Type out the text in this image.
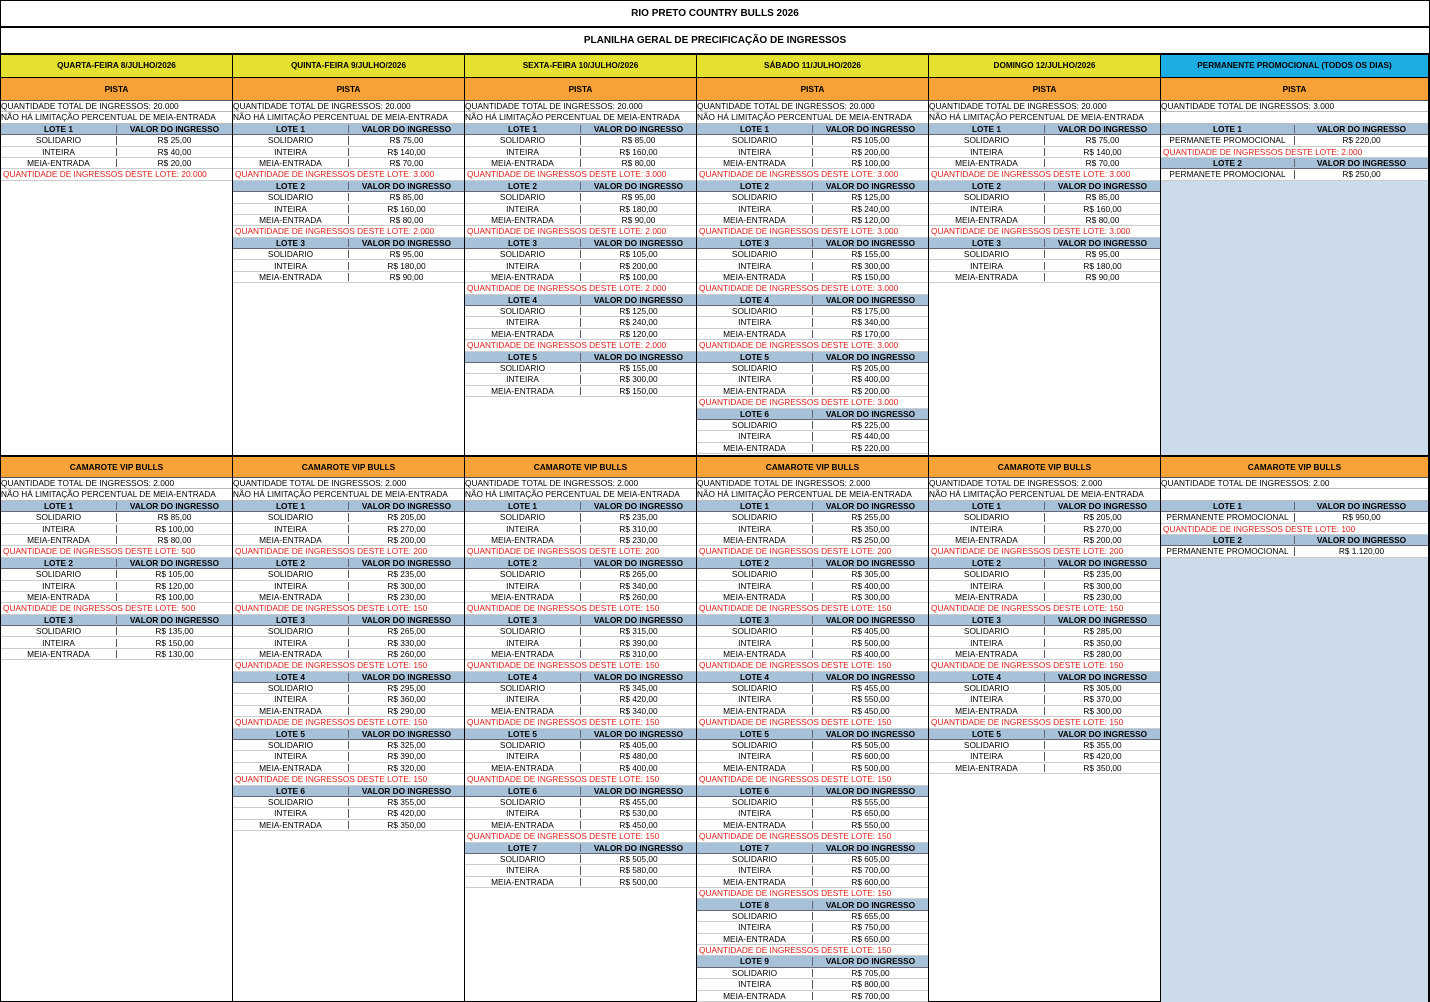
RIO PRETO COUNTRY BULLS 2026
PLANILHA GERAL DE PRECIFICAÇÃO DE INGRESSOS
QUARTA-FEIRA 8/JULHO/2026
PISTA
QUANTIDADE TOTAL DE INGRESSOS: 20.000
NÃO HÁ LIMITAÇÃO PERCENTUAL DE MEIA-ENTRADA
LOTE 1	VALOR DO INGRESSO
SOLIDARIO	R$ 25,00
INTEIRA	R$ 40,00
MEIA-ENTRADA	R$ 20,00
QUANTIDADE DE INGRESSOS DESTE LOTE: 20.000
CAMAROTE VIP BULLS
QUANTIDADE TOTAL DE INGRESSOS: 2.000
NÃO HÁ LIMITAÇÃO PERCENTUAL DE MEIA-ENTRADA
LOTE 1	VALOR DO INGRESSO
SOLIDARIO	R$ 85,00
INTEIRA	R$ 100,00
MEIA-ENTRADA	R$ 80,00
QUANTIDADE DE INGRESSOS DESTE LOTE: 500
LOTE 2	VALOR DO INGRESSO
SOLIDARIO	R$ 105,00
INTEIRA	R$ 120,00
MEIA-ENTRADA	R$ 100,00
QUANTIDADE DE INGRESSOS DESTE LOTE: 500
LOTE 3	VALOR DO INGRESSO
SOLIDARIO	R$ 135,00
INTEIRA	R$ 150,00
MEIA-ENTRADA	R$ 130,00
QUINTA-FEIRA 9/JULHO/2026
PISTA
QUANTIDADE TOTAL DE INGRESSOS: 20.000
NÃO HÁ LIMITAÇÃO PERCENTUAL DE MEIA-ENTRADA
LOTE 1	VALOR DO INGRESSO
SOLIDARIO	R$ 75,00
INTEIRA	R$ 140,00
MEIA-ENTRADA	R$ 70,00
QUANTIDADE DE INGRESSOS DESTE LOTE: 3.000
LOTE 2	VALOR DO INGRESSO
SOLIDARIO	R$ 85,00
INTEIRA	R$ 160,00
MEIA-ENTRADA	R$ 80,00
QUANTIDADE DE INGRESSOS DESTE LOTE: 2.000
LOTE 3	VALOR DO INGRESSO
SOLIDARIO	R$ 95,00
INTEIRA	R$ 180,00
MEIA-ENTRADA	R$ 90,00
CAMAROTE VIP BULLS
QUANTIDADE TOTAL DE INGRESSOS: 2.000
NÃO HÁ LIMITAÇÃO PERCENTUAL DE MEIA-ENTRADA
LOTE 1	VALOR DO INGRESSO
SOLIDARIO	R$ 205,00
INTEIRA	R$ 270,00
MEIA-ENTRADA	R$ 200,00
QUANTIDADE DE INGRESSOS DESTE LOTE: 200
LOTE 2	VALOR DO INGRESSO
SOLIDARIO	R$ 235,00
INTEIRA	R$ 300,00
MEIA-ENTRADA	R$ 230,00
QUANTIDADE DE INGRESSOS DESTE LOTE: 150
LOTE 3	VALOR DO INGRESSO
SOLIDARIO	R$ 265,00
INTEIRA	R$ 330,00
MEIA-ENTRADA	R$ 260,00
QUANTIDADE DE INGRESSOS DESTE LOTE: 150
LOTE 4	VALOR DO INGRESSO
SOLIDARIO	R$ 295,00
INTEIRA	R$ 360,00
MEIA-ENTRADA	R$ 290,00
QUANTIDADE DE INGRESSOS DESTE LOTE: 150
LOTE 5	VALOR DO INGRESSO
SOLIDARIO	R$ 325,00
INTEIRA	R$ 390,00
MEIA-ENTRADA	R$ 320,00
QUANTIDADE DE INGRESSOS DESTE LOTE: 150
LOTE 6	VALOR DO INGRESSO
SOLIDARIO	R$ 355,00
INTEIRA	R$ 420,00
MEIA-ENTRADA	R$ 350,00
SEXTA-FEIRA 10/JULHO/2026
PISTA
QUANTIDADE TOTAL DE INGRESSOS: 20.000
NÃO HÁ LIMITAÇÃO PERCENTUAL DE MEIA-ENTRADA
LOTE 1	VALOR DO INGRESSO
SOLIDARIO	R$ 85,00
INTEIRA	R$ 160,00
MEIA-ENTRADA	R$ 80,00
QUANTIDADE DE INGRESSOS DESTE LOTE: 3.000
LOTE 2	VALOR DO INGRESSO
SOLIDARIO	R$ 95,00
INTEIRA	R$ 180,00
MEIA-ENTRADA	R$ 90,00
QUANTIDADE DE INGRESSOS DESTE LOTE: 2.000
LOTE 3	VALOR DO INGRESSO
SOLIDARIO	R$ 105,00
INTEIRA	R$ 200,00
MEIA-ENTRADA	R$ 100,00
QUANTIDADE DE INGRESSOS DESTE LOTE: 2.000
LOTE 4	VALOR DO INGRESSO
SOLIDARIO	R$ 125,00
INTEIRA	R$ 240,00
MEIA-ENTRADA	R$ 120,00
QUANTIDADE DE INGRESSOS DESTE LOTE: 2.000
LOTE 5	VALOR DO INGRESSO
SOLIDARIO	R$ 155,00
INTEIRA	R$ 300,00
MEIA-ENTRADA	R$ 150,00
CAMAROTE VIP BULLS
QUANTIDADE TOTAL DE INGRESSOS: 2.000
NÃO HÁ LIMITAÇÃO PERCENTUAL DE MEIA-ENTRADA
LOTE 1	VALOR DO INGRESSO
SOLIDARIO	R$ 235,00
INTEIRA	R$ 310,00
MEIA-ENTRADA	R$ 230,00
QUANTIDADE DE INGRESSOS DESTE LOTE: 200
LOTE 2	VALOR DO INGRESSO
SOLIDARIO	R$ 265,00
INTEIRA	R$ 340,00
MEIA-ENTRADA	R$ 260,00
QUANTIDADE DE INGRESSOS DESTE LOTE: 150
LOTE 3	VALOR DO INGRESSO
SOLIDARIO	R$ 315,00
INTEIRA	R$ 390,00
MEIA-ENTRADA	R$ 310,00
QUANTIDADE DE INGRESSOS DESTE LOTE: 150
LOTE 4	VALOR DO INGRESSO
SOLIDARIO	R$ 345,00
INTEIRA	R$ 420,00
MEIA-ENTRADA	R$ 340,00
QUANTIDADE DE INGRESSOS DESTE LOTE: 150
LOTE 5	VALOR DO INGRESSO
SOLIDARIO	R$ 405,00
INTEIRA	R$ 480,00
MEIA-ENTRADA	R$ 400,00
QUANTIDADE DE INGRESSOS DESTE LOTE: 150
LOTE 6	VALOR DO INGRESSO
SOLIDARIO	R$ 455,00
INTEIRA	R$ 530,00
MEIA-ENTRADA	R$ 450,00
QUANTIDADE DE INGRESSOS DESTE LOTE: 150
LOTE 7	VALOR DO INGRESSO
SOLIDARIO	R$ 505,00
INTEIRA	R$ 580,00
MEIA-ENTRADA	R$ 500,00
SÁBADO 11/JULHO/2026
PISTA
QUANTIDADE TOTAL DE INGRESSOS: 20.000
NÃO HÁ LIMITAÇÃO PERCENTUAL DE MEIA-ENTRADA
LOTE 1	VALOR DO INGRESSO
SOLIDARIO	R$ 105,00
INTEIRA	R$ 200,00
MEIA-ENTRADA	R$ 100,00
QUANTIDADE DE INGRESSOS DESTE LOTE: 3.000
LOTE 2	VALOR DO INGRESSO
SOLIDARIO	R$ 125,00
INTEIRA	R$ 240,00
MEIA-ENTRADA	R$ 120,00
QUANTIDADE DE INGRESSOS DESTE LOTE: 3.000
LOTE 3	VALOR DO INGRESSO
SOLIDARIO	R$ 155,00
INTEIRA	R$ 300,00
MEIA-ENTRADA	R$ 150,00
QUANTIDADE DE INGRESSOS DESTE LOTE: 3.000
LOTE 4	VALOR DO INGRESSO
SOLIDARIO	R$ 175,00
INTEIRA	R$ 340,00
MEIA-ENTRADA	R$ 170,00
QUANTIDADE DE INGRESSOS DESTE LOTE: 3.000
LOTE 5	VALOR DO INGRESSO
SOLIDARIO	R$ 205,00
INTEIRA	R$ 400,00
MEIA-ENTRADA	R$ 200,00
QUANTIDADE DE INGRESSOS DESTE LOTE: 3.000
LOTE 6	VALOR DO INGRESSO
SOLIDARIO	R$ 225,00
INTEIRA	R$ 440,00
MEIA-ENTRADA	R$ 220,00
CAMAROTE VIP BULLS
QUANTIDADE TOTAL DE INGRESSOS: 2.000
NÃO HÁ LIMITAÇÃO PERCENTUAL DE MEIA-ENTRADA
LOTE 1	VALOR DO INGRESSO
SOLIDARIO	R$ 255,00
INTEIRA	R$ 350,00
MEIA-ENTRADA	R$ 250,00
QUANTIDADE DE INGRESSOS DESTE LOTE: 200
LOTE 2	VALOR DO INGRESSO
SOLIDARIO	R$ 305,00
INTEIRA	R$ 400,00
MEIA-ENTRADA	R$ 300,00
QUANTIDADE DE INGRESSOS DESTE LOTE: 150
LOTE 3	VALOR DO INGRESSO
SOLIDARIO	R$ 405,00
INTEIRA	R$ 500,00
MEIA-ENTRADA	R$ 400,00
QUANTIDADE DE INGRESSOS DESTE LOTE: 150
LOTE 4	VALOR DO INGRESSO
SOLIDARIO	R$ 455,00
INTEIRA	R$ 550,00
MEIA-ENTRADA	R$ 450,00
QUANTIDADE DE INGRESSOS DESTE LOTE: 150
LOTE 5	VALOR DO INGRESSO
SOLIDARIO	R$ 505,00
INTEIRA	R$ 600,00
MEIA-ENTRADA	R$ 500,00
QUANTIDADE DE INGRESSOS DESTE LOTE: 150
LOTE 6	VALOR DO INGRESSO
SOLIDARIO	R$ 555,00
INTEIRA	R$ 650,00
MEIA-ENTRADA	R$ 550,00
QUANTIDADE DE INGRESSOS DESTE LOTE: 150
LOTE 7	VALOR DO INGRESSO
SOLIDARIO	R$ 605,00
INTEIRA	R$ 700,00
MEIA-ENTRADA	R$ 600,00
QUANTIDADE DE INGRESSOS DESTE LOTE: 150
LOTE 8	VALOR DO INGRESSO
SOLIDARIO	R$ 655,00
INTEIRA	R$ 750,00
MEIA-ENTRADA	R$ 650,00
QUANTIDADE DE INGRESSOS DESTE LOTE: 150
LOTE 9	VALOR DO INGRESSO
SOLIDARIO	R$ 705,00
INTEIRA	R$ 800,00
MEIA-ENTRADA	R$ 700,00
DOMINGO 12/JULHO/2026
PISTA
QUANTIDADE TOTAL DE INGRESSOS: 20.000
NÃO HÁ LIMITAÇÃO PERCENTUAL DE MEIA-ENTRADA
LOTE 1	VALOR DO INGRESSO
SOLIDARIO	R$ 75,00
INTEIRA	R$ 140,00
MEIA-ENTRADA	R$ 70,00
QUANTIDADE DE INGRESSOS DESTE LOTE: 3.000
LOTE 2	VALOR DO INGRESSO
SOLIDARIO	R$ 85,00
INTEIRA	R$ 160,00
MEIA-ENTRADA	R$ 80,00
QUANTIDADE DE INGRESSOS DESTE LOTE: 3.000
LOTE 3	VALOR DO INGRESSO
SOLIDARIO	R$ 95,00
INTEIRA	R$ 180,00
MEIA-ENTRADA	R$ 90,00
CAMAROTE VIP BULLS
QUANTIDADE TOTAL DE INGRESSOS: 2.000
NÃO HÁ LIMITAÇÃO PERCENTUAL DE MEIA-ENTRADA
LOTE 1	VALOR DO INGRESSO
SOLIDARIO	R$ 205,00
INTEIRA	R$ 270,00
MEIA-ENTRADA	R$ 200,00
QUANTIDADE DE INGRESSOS DESTE LOTE: 200
LOTE 2	VALOR DO INGRESSO
SOLIDARIO	R$ 235,00
INTEIRA	R$ 300,00
MEIA-ENTRADA	R$ 230,00
QUANTIDADE DE INGRESSOS DESTE LOTE: 150
LOTE 3	VALOR DO INGRESSO
SOLIDARIO	R$ 285,00
INTEIRA	R$ 350,00
MEIA-ENTRADA	R$ 280,00
QUANTIDADE DE INGRESSOS DESTE LOTE: 150
LOTE 4	VALOR DO INGRESSO
SOLIDARIO	R$ 305,00
INTEIRA	R$ 370,00
MEIA-ENTRADA	R$ 300,00
QUANTIDADE DE INGRESSOS DESTE LOTE: 150
LOTE 5	VALOR DO INGRESSO
SOLIDARIO	R$ 355,00
INTEIRA	R$ 420,00
MEIA-ENTRADA	R$ 350,00
PERMANENTE PROMOCIONAL (TODOS OS DIAS)
PISTA
QUANTIDADE TOTAL DE INGRESSOS: 3.000
LOTE 1	VALOR DO INGRESSO
PERMANETE PROMOCIONAL	R$ 220,00
QUANTIDADE DE INGRESSOS DESTE LOTE: 2.000
LOTE 2	VALOR DO INGRESSO
PERMANETE PROMOCIONAL	R$ 250,00
CAMAROTE VIP BULLS
QUANTIDADE TOTAL DE INGRESSOS: 2.00
LOTE 1	VALOR DO INGRESSO
PERMANENTE PROMOCIONAL	R$ 950,00
QUANTIDADE DE INGRESSOS DESTE LOTE: 100
LOTE 2	VALOR DO INGRESSO
PERMANENTE PROMOCIONAL	R$ 1.120,00
